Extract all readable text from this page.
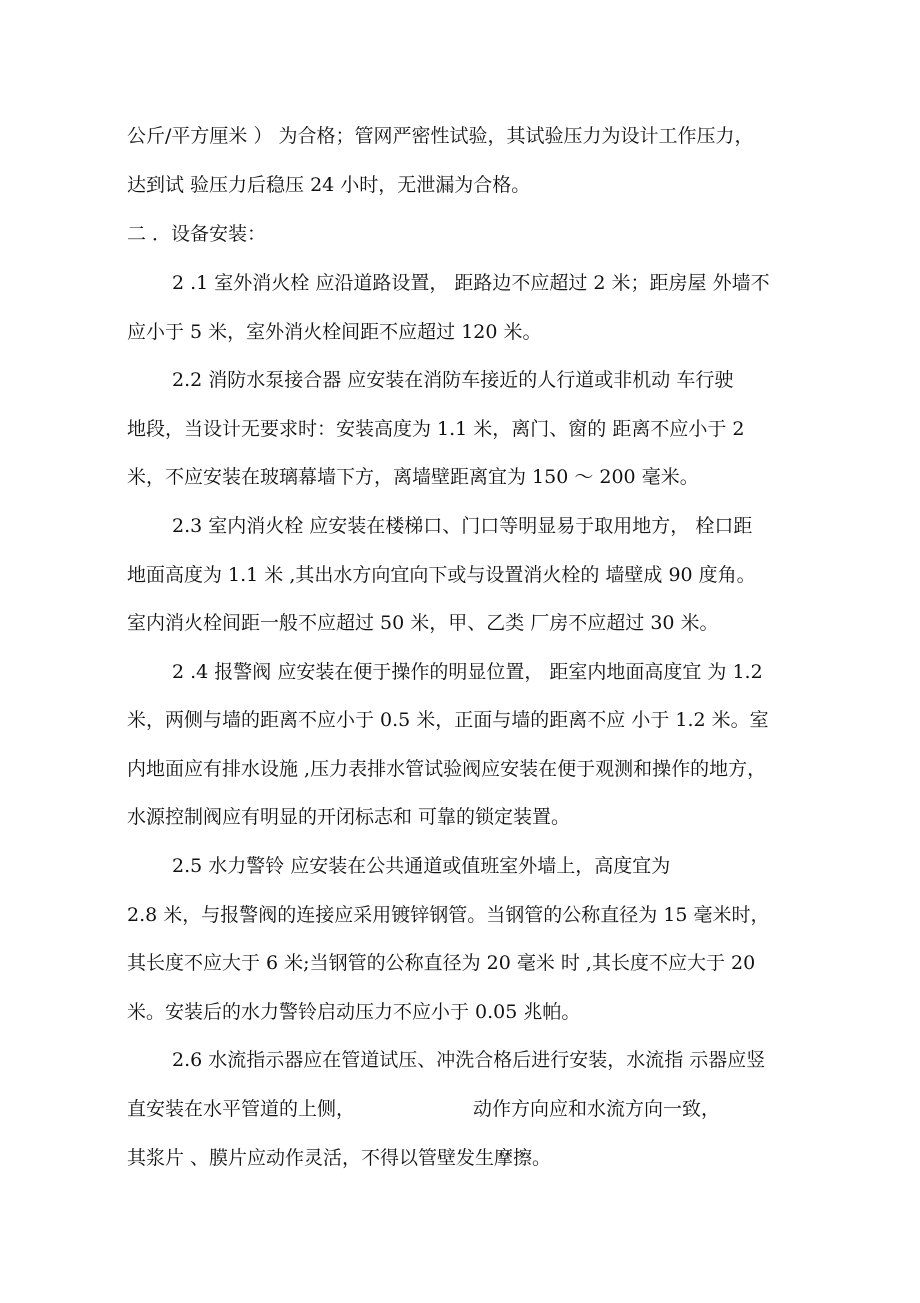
公斤/平方厘米 ） 为合格；管网严密性试验，其试验压力为设计工作压力，
达到试 验压力后稳压 24 小时，无泄漏为合格。
二 ．设备安装：
2 .1 室外消火栓 应沿道路设置， 距路边不应超过 2 米；距房屋 外墙不
应小于 5 米，室外消火栓间距不应超过 120 米。
2.2 消防水泵接合器 应安装在消防车接近的人行道或非机动 车行驶
地段，当设计无要求时：安装高度为 1.1 米，离门、窗的 距离不应小于 2
米，不应安装在玻璃幕墙下方，离墙壁距离宜为 150 ～ 200 毫米。
2.3 室内消火栓 应安装在楼梯口、门口等明显易于取用地方， 栓口距
地面高度为 1.1 米 ,其出水方向宜向下或与设置消火栓的 墙壁成 90 度角。
室内消火栓间距一般不应超过 50 米，甲、乙类 厂房不应超过 30 米。
2 .4 报警阀 应安装在便于操作的明显位置， 距室内地面高度宜 为 1.2
米，两侧与墙的距离不应小于 0.5 米，正面与墙的距离不应 小于 1.2 米。室
内地面应有排水设施 ,压力表排水管试验阀应安装在便于观测和操作的地方，
水源控制阀应有明显的开闭标志和 可靠的锁定装置。
2.5 水力警铃 应安装在公共通道或值班室外墙上，高度宜为
2.8 米，与报警阀的连接应采用镀锌钢管。当钢管的公称直径为 15 毫米时，
其长度不应大于 6 米;当钢管的公称直径为 20 毫米 时 ,其长度不应大于 20
米。安装后的水力警铃启动压力不应小于 0.05 兆帕。
2.6 水流指示器应在管道试压、冲洗合格后进行安装，水流指 示器应竖
直安装在水平管道的上侧，	动作方向应和水流方向一致，
其浆片 、膜片应动作灵活，不得以管壁发生摩擦。
